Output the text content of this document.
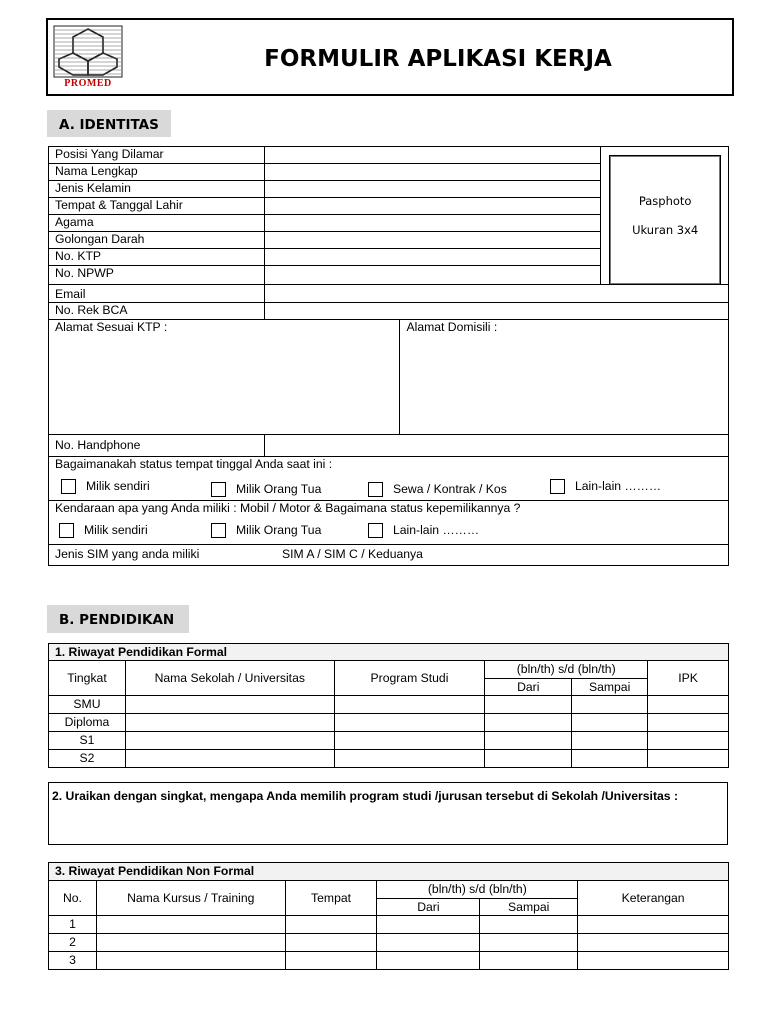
PROMED
FORMULIR APLIKASI KERJA
A. IDENTITAS
Posisi Yang Dilamar			Pasphoto
Ukuran 3x4

Nama Lengkap			
Jenis Kelamin			
Tempat & Tanggal Lahir			
Agama			
Golongan Darah			
No. KTP			
No. NPWP			
Email			
No. Rek BCA			
Alamat Sesuai KTP :		Alamat Domisili :	
No. Handphone			

Bagaimanakah status tempat tinggal Anda saat ini :
Milik sendiri Milik Orang Tua Sewa / Kontrak / Kos Lain-lain ………			

Kendaraan apa yang Anda miliki : Mobil / Motor & Bagaimana status kepemilikannya ?
Milik sendiri Milik Orang Tua Lain-lain ………			

Jenis SIM yang anda miliki SIM A / SIM C / Keduanya			
B. PENDIDIKAN
1. Riwayat Pendidikan Formal					
Tingkat	Nama Sekolah / Universitas	Program Studi	(bln/th) s/d (bln/th)		IPK
			Dari	Sampai	
SMU					
Diploma					
S1					
S2					
2. Uraikan dengan singkat, mengapa Anda memilih program studi /jurusan tersebut di Sekolah /Universitas :
3. Riwayat Pendidikan Non Formal					
No.	Nama Kursus / Training	Tempat	(bln/th) s/d (bln/th)		Keterangan
			Dari	Sampai	
1					
2					
3					
